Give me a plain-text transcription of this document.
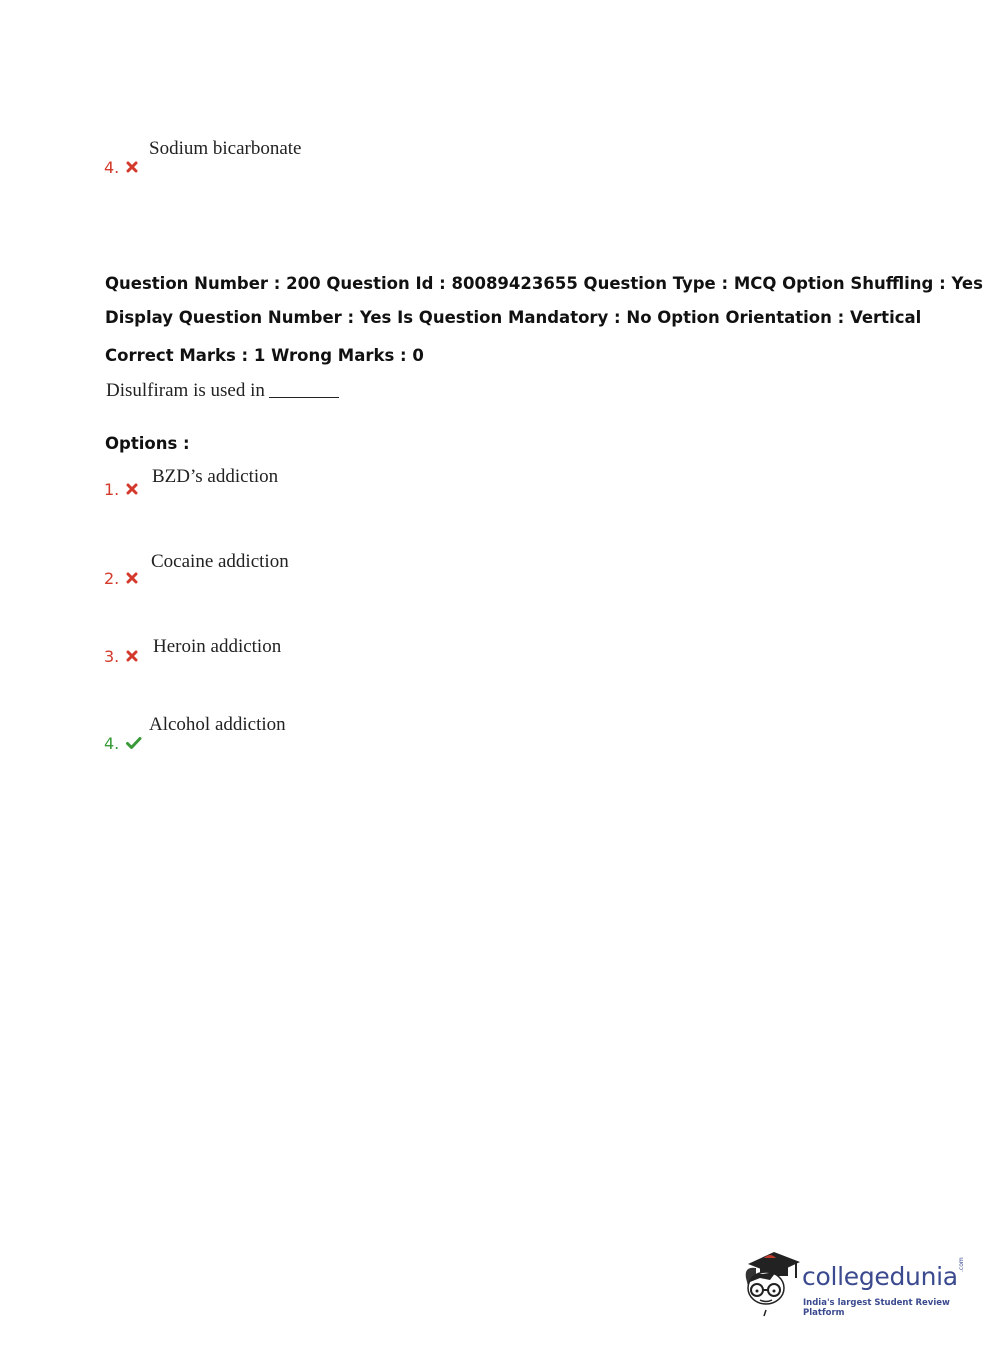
Sodium bicarbonate
4.
Question Number : 200 Question Id : 80089423655 Question Type : MCQ Option Shuffling : Yes
Display Question Number : Yes Is Question Mandatory : No Option Orientation : Vertical
Correct Marks : 1 Wrong Marks : 0
Disulfiram is used in
Options :
BZD’s addiction
1.
Cocaine addiction
2.
Heroin addiction
3.
Alcohol addiction
4.
collegedunia .com
India's largest Student Review Platform
